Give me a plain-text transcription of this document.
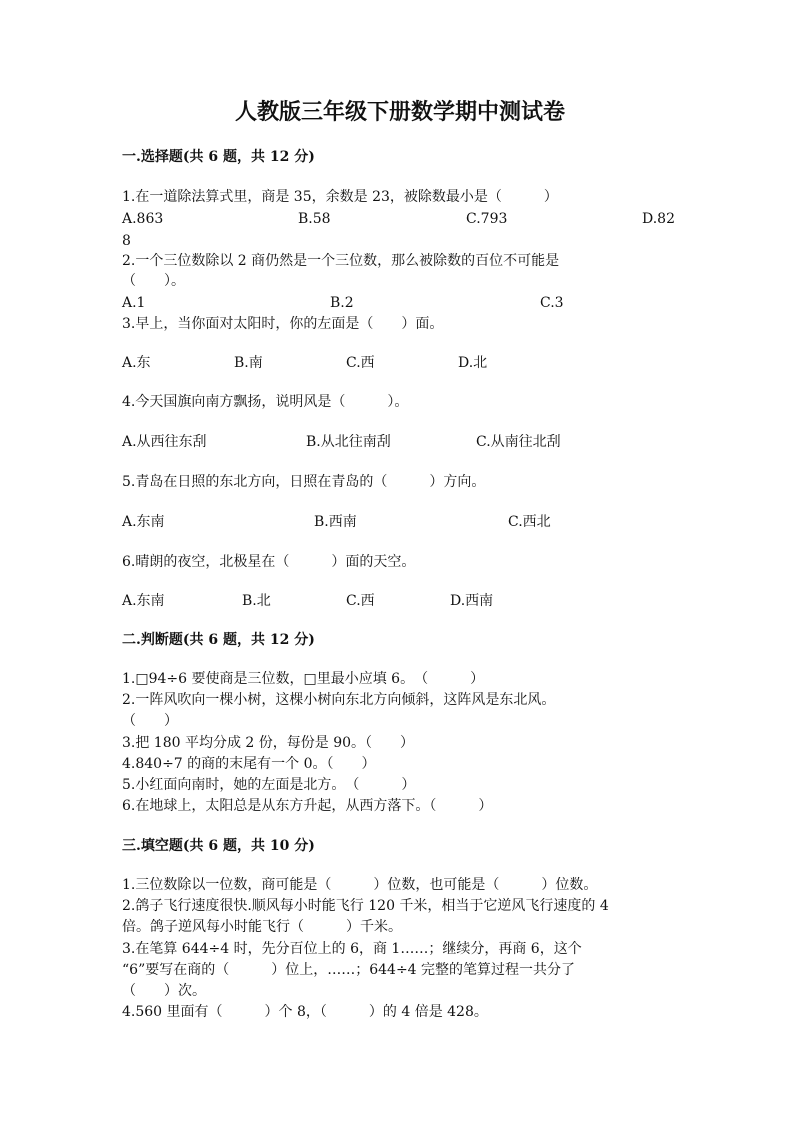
人教版三年级下册数学期中测试卷
一.选择题(共 6 题，共 12 分)
1.在一道除法算式里，商是 35，余数是 23，被除数最小是（　　　）
A.863	B.58	C.793	D.82
8
2.一个三位数除以 2 商仍然是一个三位数，那么被除数的百位不可能是
（　　）。
A.1	B.2	C.3
3.早上，当你面对太阳时，你的左面是（　　）面。
A.东	B.南	C.西	D.北
4.今天国旗向南方飘扬，说明风是（　　　）。
A.从西往东刮	B.从北往南刮	C.从南往北刮
5.青岛在日照的东北方向，日照在青岛的（　　　）方向。
A.东南	B.西南	C.西北
6.晴朗的夜空，北极星在（　　　）面的天空。
A.东南	B.北	C.西	D.西南
二.判断题(共 6 题，共 12 分)
1.□94÷6 要使商是三位数，□里最小应填 6。　（　　　）
2.一阵风吹向一棵小树，这棵小树向东北方向倾斜，这阵风是东北风。
（　　）
3.把 180 平均分成 2 份，每份是 90。（　　）
4.840÷7 的商的末尾有一个 0。（　　）
5.小红面向南时，她的左面是北方。　（　　　）
6.在地球上，太阳总是从东方升起，从西方落下。（　　　）
三.填空题(共 6 题，共 10 分)
1.三位数除以一位数，商可能是（　　　）位数，也可能是（　　　）位数。
2.鸽子飞行速度很快.顺风每小时能飞行 120 千米，相当于它逆风飞行速度的 4
倍。鸽子逆风每小时能飞行（　　　）千米。
3.在笔算 644÷4 时，先分百位上的 6，商 1……；继续分，再商 6，这个
“6”要写在商的（　　　）位上，……；644÷4 完整的笔算过程一共分了
（　　）次。
4.560 里面有（　　　）个 8，（　　　）的 4 倍是 428。
